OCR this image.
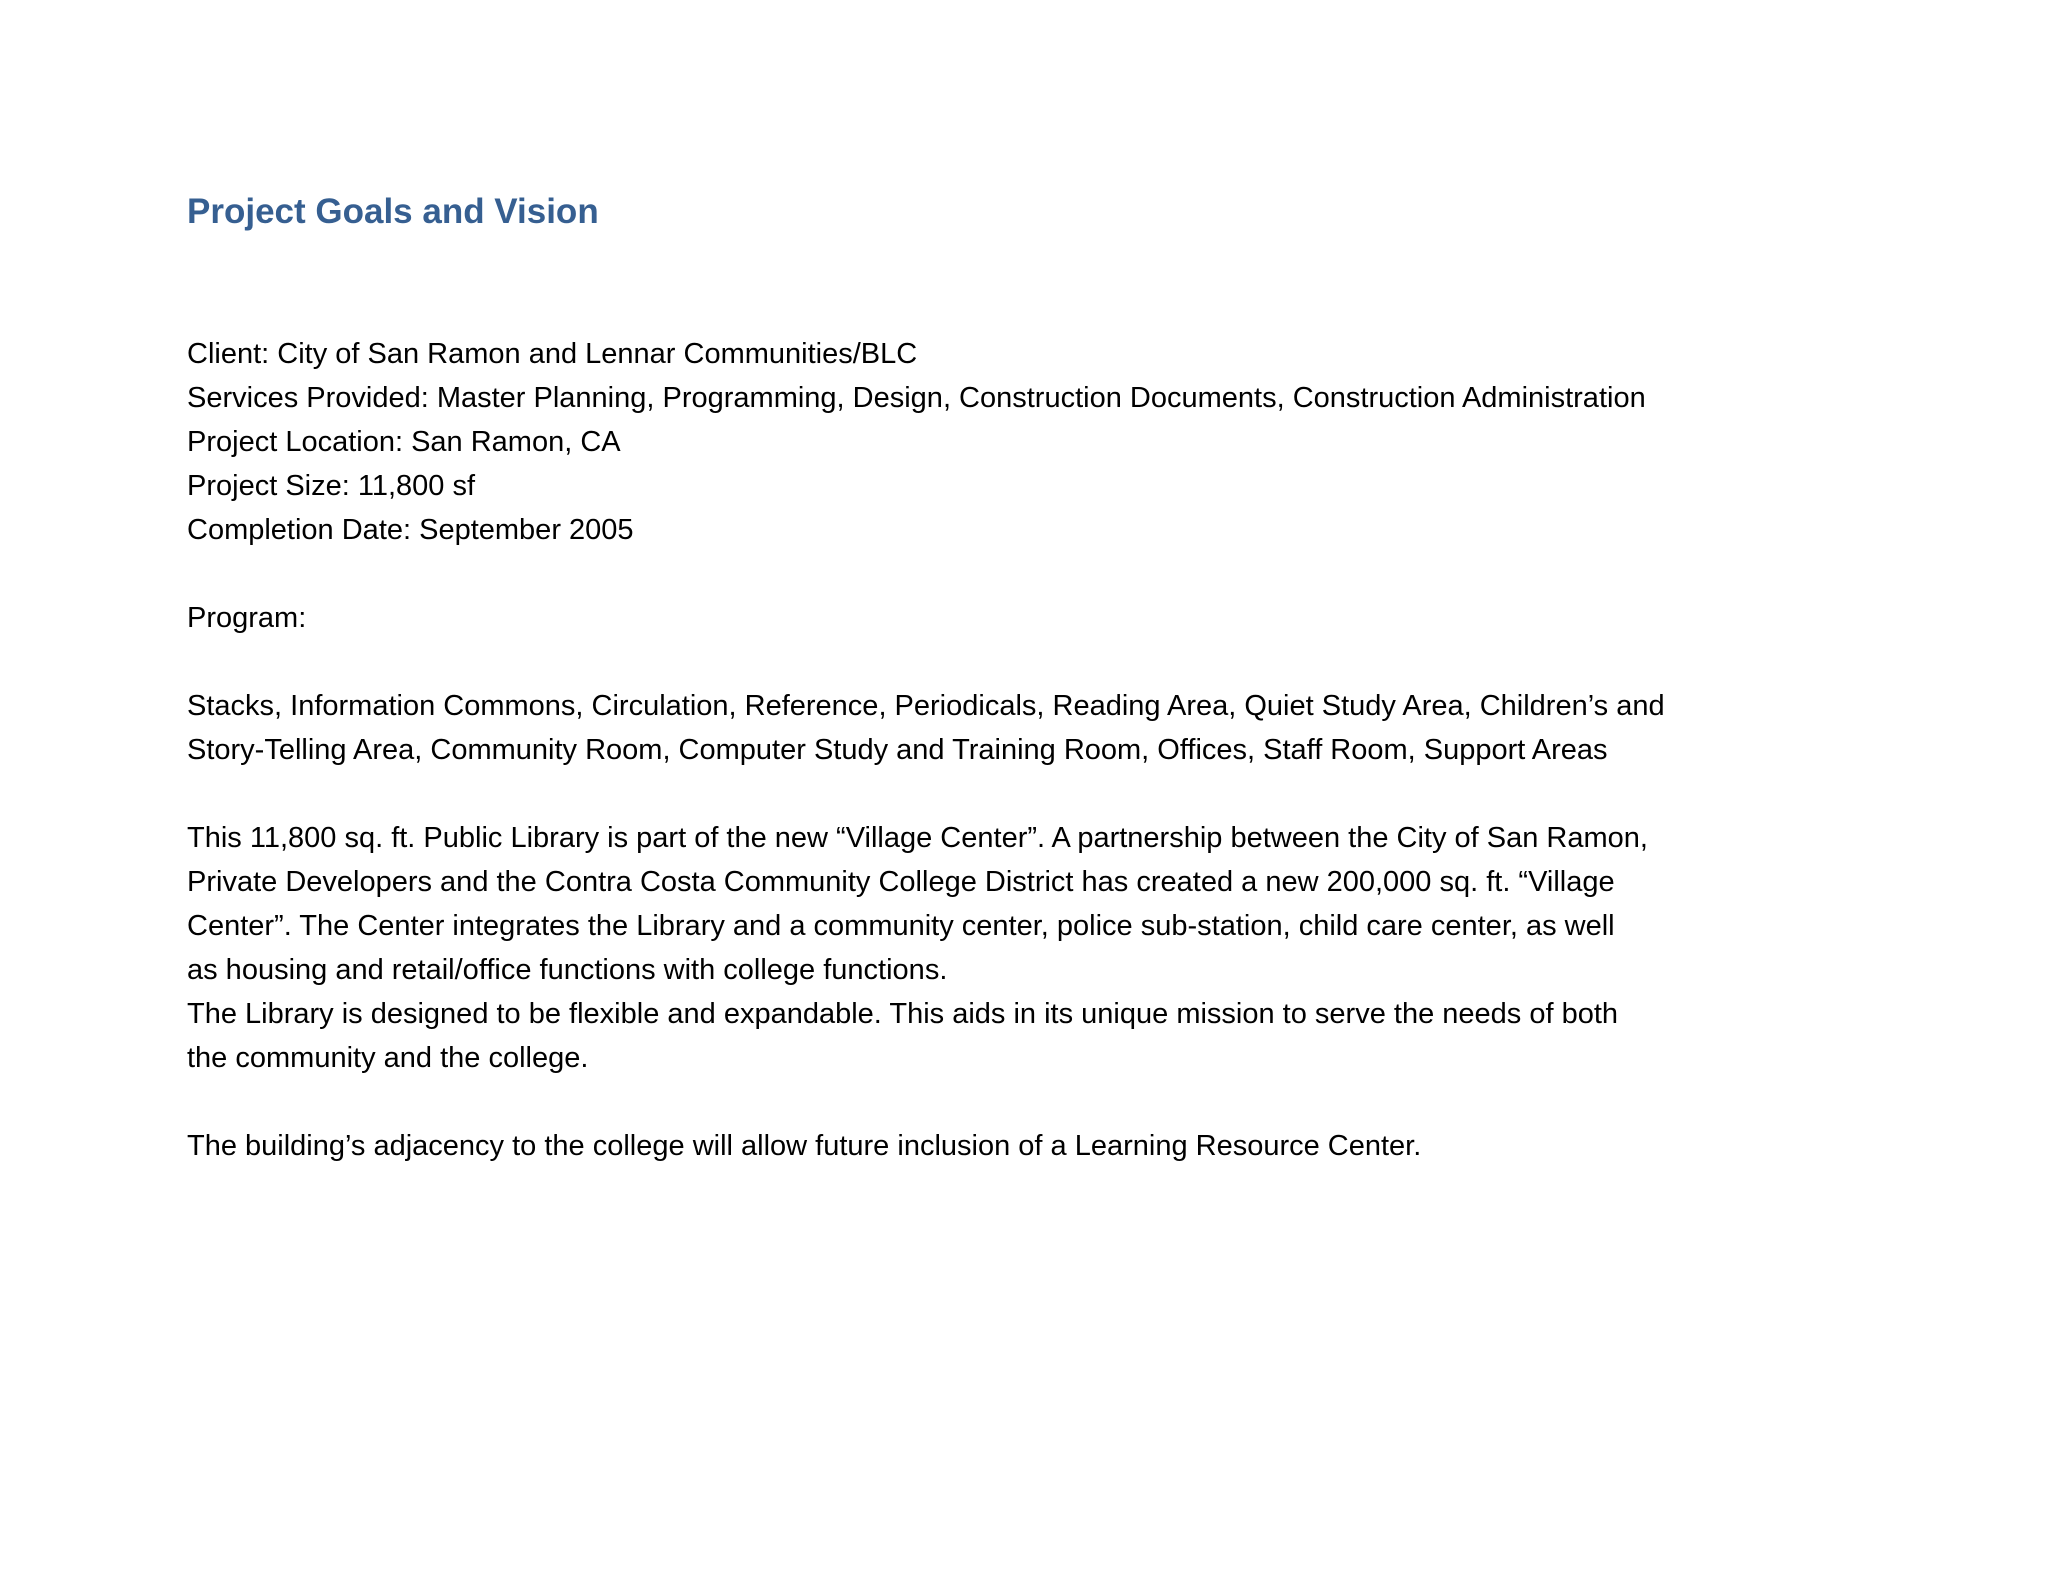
Project Goals and Vision
Client: City of San Ramon and Lennar Communities/BLC
Services Provided: Master Planning, Programming, Design, Construction Documents, Construction Administration
Project Location: San Ramon, CA
Project Size: 11,800 sf
Completion Date: September 2005
Program:
Stacks, Information Commons, Circulation, Reference, Periodicals, Reading Area, Quiet Study Area, Children’s and
Story-Telling Area, Community Room, Computer Study and Training Room, Offices, Staff Room, Support Areas
This 11,800 sq. ft. Public Library is part of the new “Village Center”. A partnership between the City of San Ramon,
Private Developers and the Contra Costa Community College District has created a new 200,000 sq. ft. “Village
Center”. The Center integrates the Library and a community center, police sub-station, child care center, as well
as housing and retail/office functions with college functions.
The Library is designed to be flexible and expandable. This aids in its unique mission to serve the needs of both
the community and the college.
The building’s adjacency to the college will allow future inclusion of a Learning Resource Center.
